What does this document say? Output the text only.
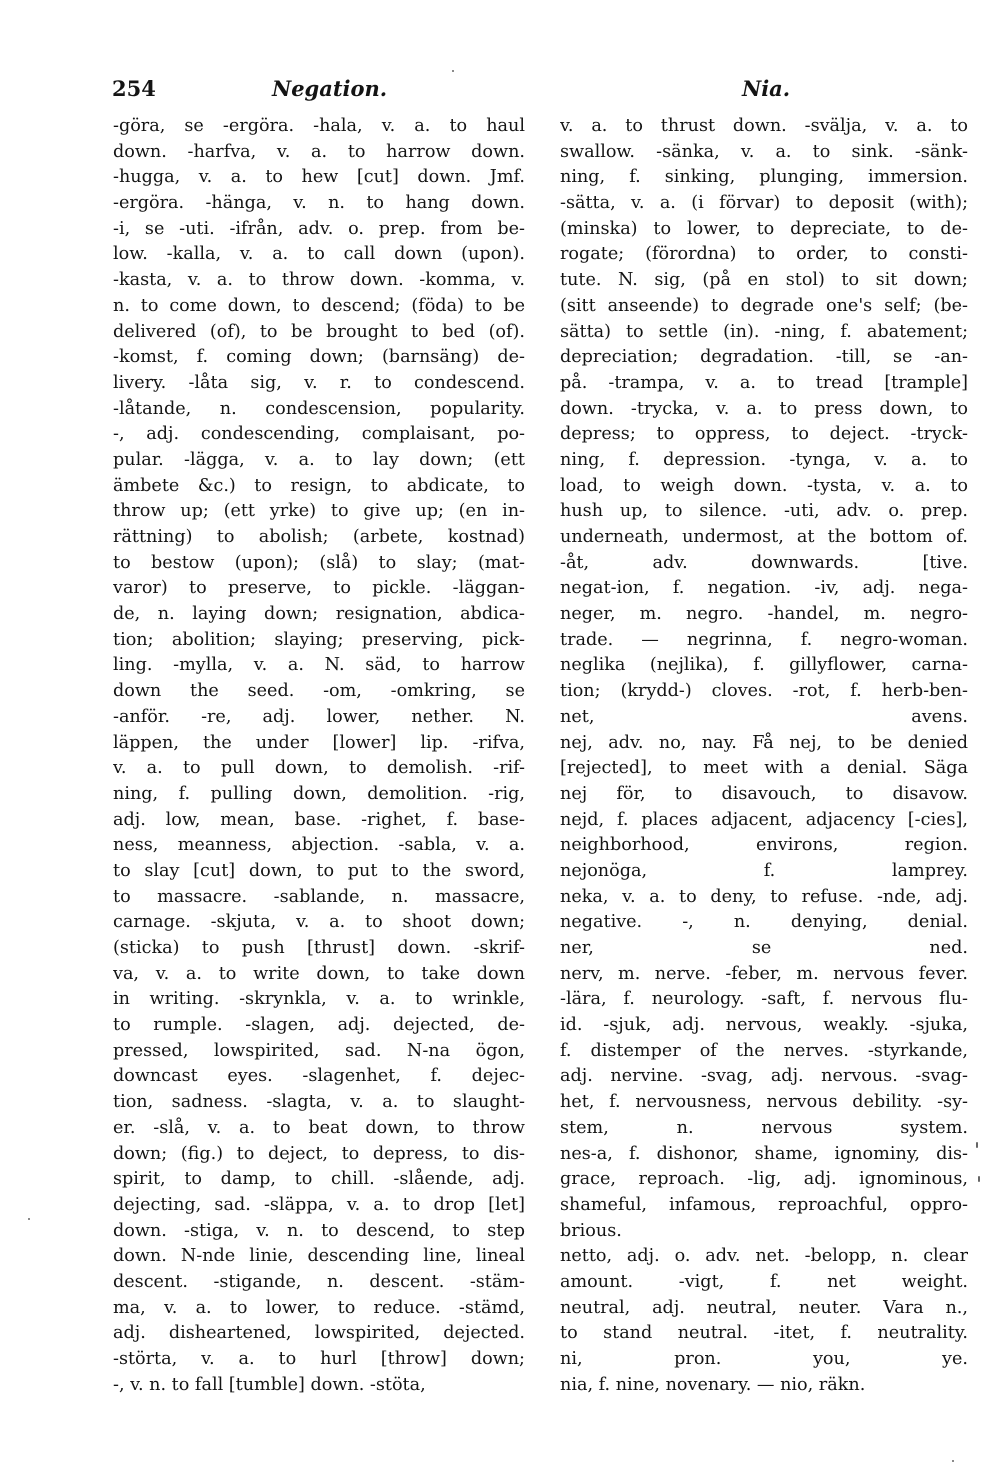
254	Negation.	Nia.
-göra, se -ergöra. -hala, v. a. to haul
down. -harfva, v. a. to harrow down.
-hugga, v. a. to hew [cut] down. Jmf.
-ergöra. -hänga, v. n. to hang down.
-i, se -uti. -ifrån, adv. o. prep. from be-
low. -kalla, v. a. to call down (upon).
-kasta, v. a. to throw down. -komma, v.
n. to come down, to descend; (föda) to be
delivered (of), to be brought to bed (of).
-komst, f. coming down; (barnsäng) de-
livery. -låta sig, v. r. to condescend.
-låtande, n. condescension, popularity.
-, adj. condescending, complaisant, po-
pular. -lägga, v. a. to lay down; (ett
ämbete &c.) to resign, to abdicate, to
throw up; (ett yrke) to give up; (en in-
rättning) to abolish; (arbete, kostnad)
to bestow (upon); (slå) to slay; (mat-
varor) to preserve, to pickle. -läggan-
de, n. laying down; resignation, abdica-
tion; abolition; slaying; preserving, pick-
ling. -mylla, v. a. N. säd, to harrow
down the seed. -om, -omkring, se
-anför. -re, adj. lower, nether. N.
läppen, the under [lower] lip. -rifva,
v. a. to pull down, to demolish. -rif-
ning, f. pulling down, demolition. -rig,
adj. low, mean, base. -righet, f. base-
ness, meanness, abjection. -sabla, v. a.
to slay [cut] down, to put to the sword,
to massacre. -sablande, n. massacre,
carnage. -skjuta, v. a. to shoot down;
(sticka) to push [thrust] down. -skrif-
va, v. a. to write down, to take down
in writing. -skrynkla, v. a. to wrinkle,
to rumple. -slagen, adj. dejected, de-
pressed, lowspirited, sad. N-na ögon,
downcast eyes. -slagenhet, f. dejec-
tion, sadness. -slagta, v. a. to slaught-
er. -slå, v. a. to beat down, to throw
down; (fig.) to deject, to depress, to dis-
spirit, to damp, to chill. -slående, adj.
dejecting, sad. -släppa, v. a. to drop [let]
down. -stiga, v. n. to descend, to step
down. N-nde linie, descending line, lineal
descent. -stigande, n. descent. -stäm-
ma, v. a. to lower, to reduce. -stämd,
adj. disheartened, lowspirited, dejected.
-störta, v. a. to hurl [throw] down;
-, v. n. to fall [tumble] down. -stöta,
v. a. to thrust down. -svälja, v. a. to
swallow. -sänka, v. a. to sink. -sänk-
ning, f. sinking, plunging, immersion.
-sätta, v. a. (i förvar) to deposit (with);
(minska) to lower, to depreciate, to de-
rogate; (förordna) to order, to consti-
tute. N. sig, (på en stol) to sit down;
(sitt anseende) to degrade one's self; (be-
sätta) to settle (in). -ning, f. abatement;
depreciation; degradation. -till, se -an-
på. -trampa, v. a. to tread [trample]
down. -trycka, v. a. to press down, to
depress; to oppress, to deject. -tryck-
ning, f. depression. -tynga, v. a. to
load, to weigh down. -tysta, v. a. to
hush up, to silence. -uti, adv. o. prep.
underneath, undermost, at the bottom of.
-åt, adv. downwards. [tive.
negat-ion, f. negation. -iv, adj. nega-
neger, m. negro. -handel, m. negro-
trade. — negrinna, f. negro-woman.
neglika (nejlika), f. gillyflower, carna-
tion; (krydd-) cloves. -rot, f. herb-ben-
net, avens.
nej, adv. no, nay. Få nej, to be denied
[rejected], to meet with a denial. Säga
nej för, to disavouch, to disavow.
nejd, f. places adjacent, adjacency [-cies],
neighborhood, environs, region.
nejonöga, f. lamprey.
neka, v. a. to deny, to refuse. -nde, adj.
negative. -, n. denying, denial.
ner, se ned.
nerv, m. nerve. -feber, m. nervous fever.
-lära, f. neurology. -saft, f. nervous flu-
id. -sjuk, adj. nervous, weakly. -sjuka,
f. distemper of the nerves. -styrkande,
adj. nervine. -svag, adj. nervous. -svag-
het, f. nervousness, nervous debility. -sy-
stem, n. nervous system.
nes-a, f. dishonor, shame, ignominy, dis-
grace, reproach. -lig, adj. ignominous,
shameful, infamous, reproachful, oppro-
brious.
netto, adj. o. adv. net. -belopp, n. clear
amount. -vigt, f. net weight.
neutral, adj. neutral, neuter. Vara n.,
to stand neutral. -itet, f. neutrality.
ni, pron. you, ye.
nia, f. nine, novenary. — nio, räkn.
